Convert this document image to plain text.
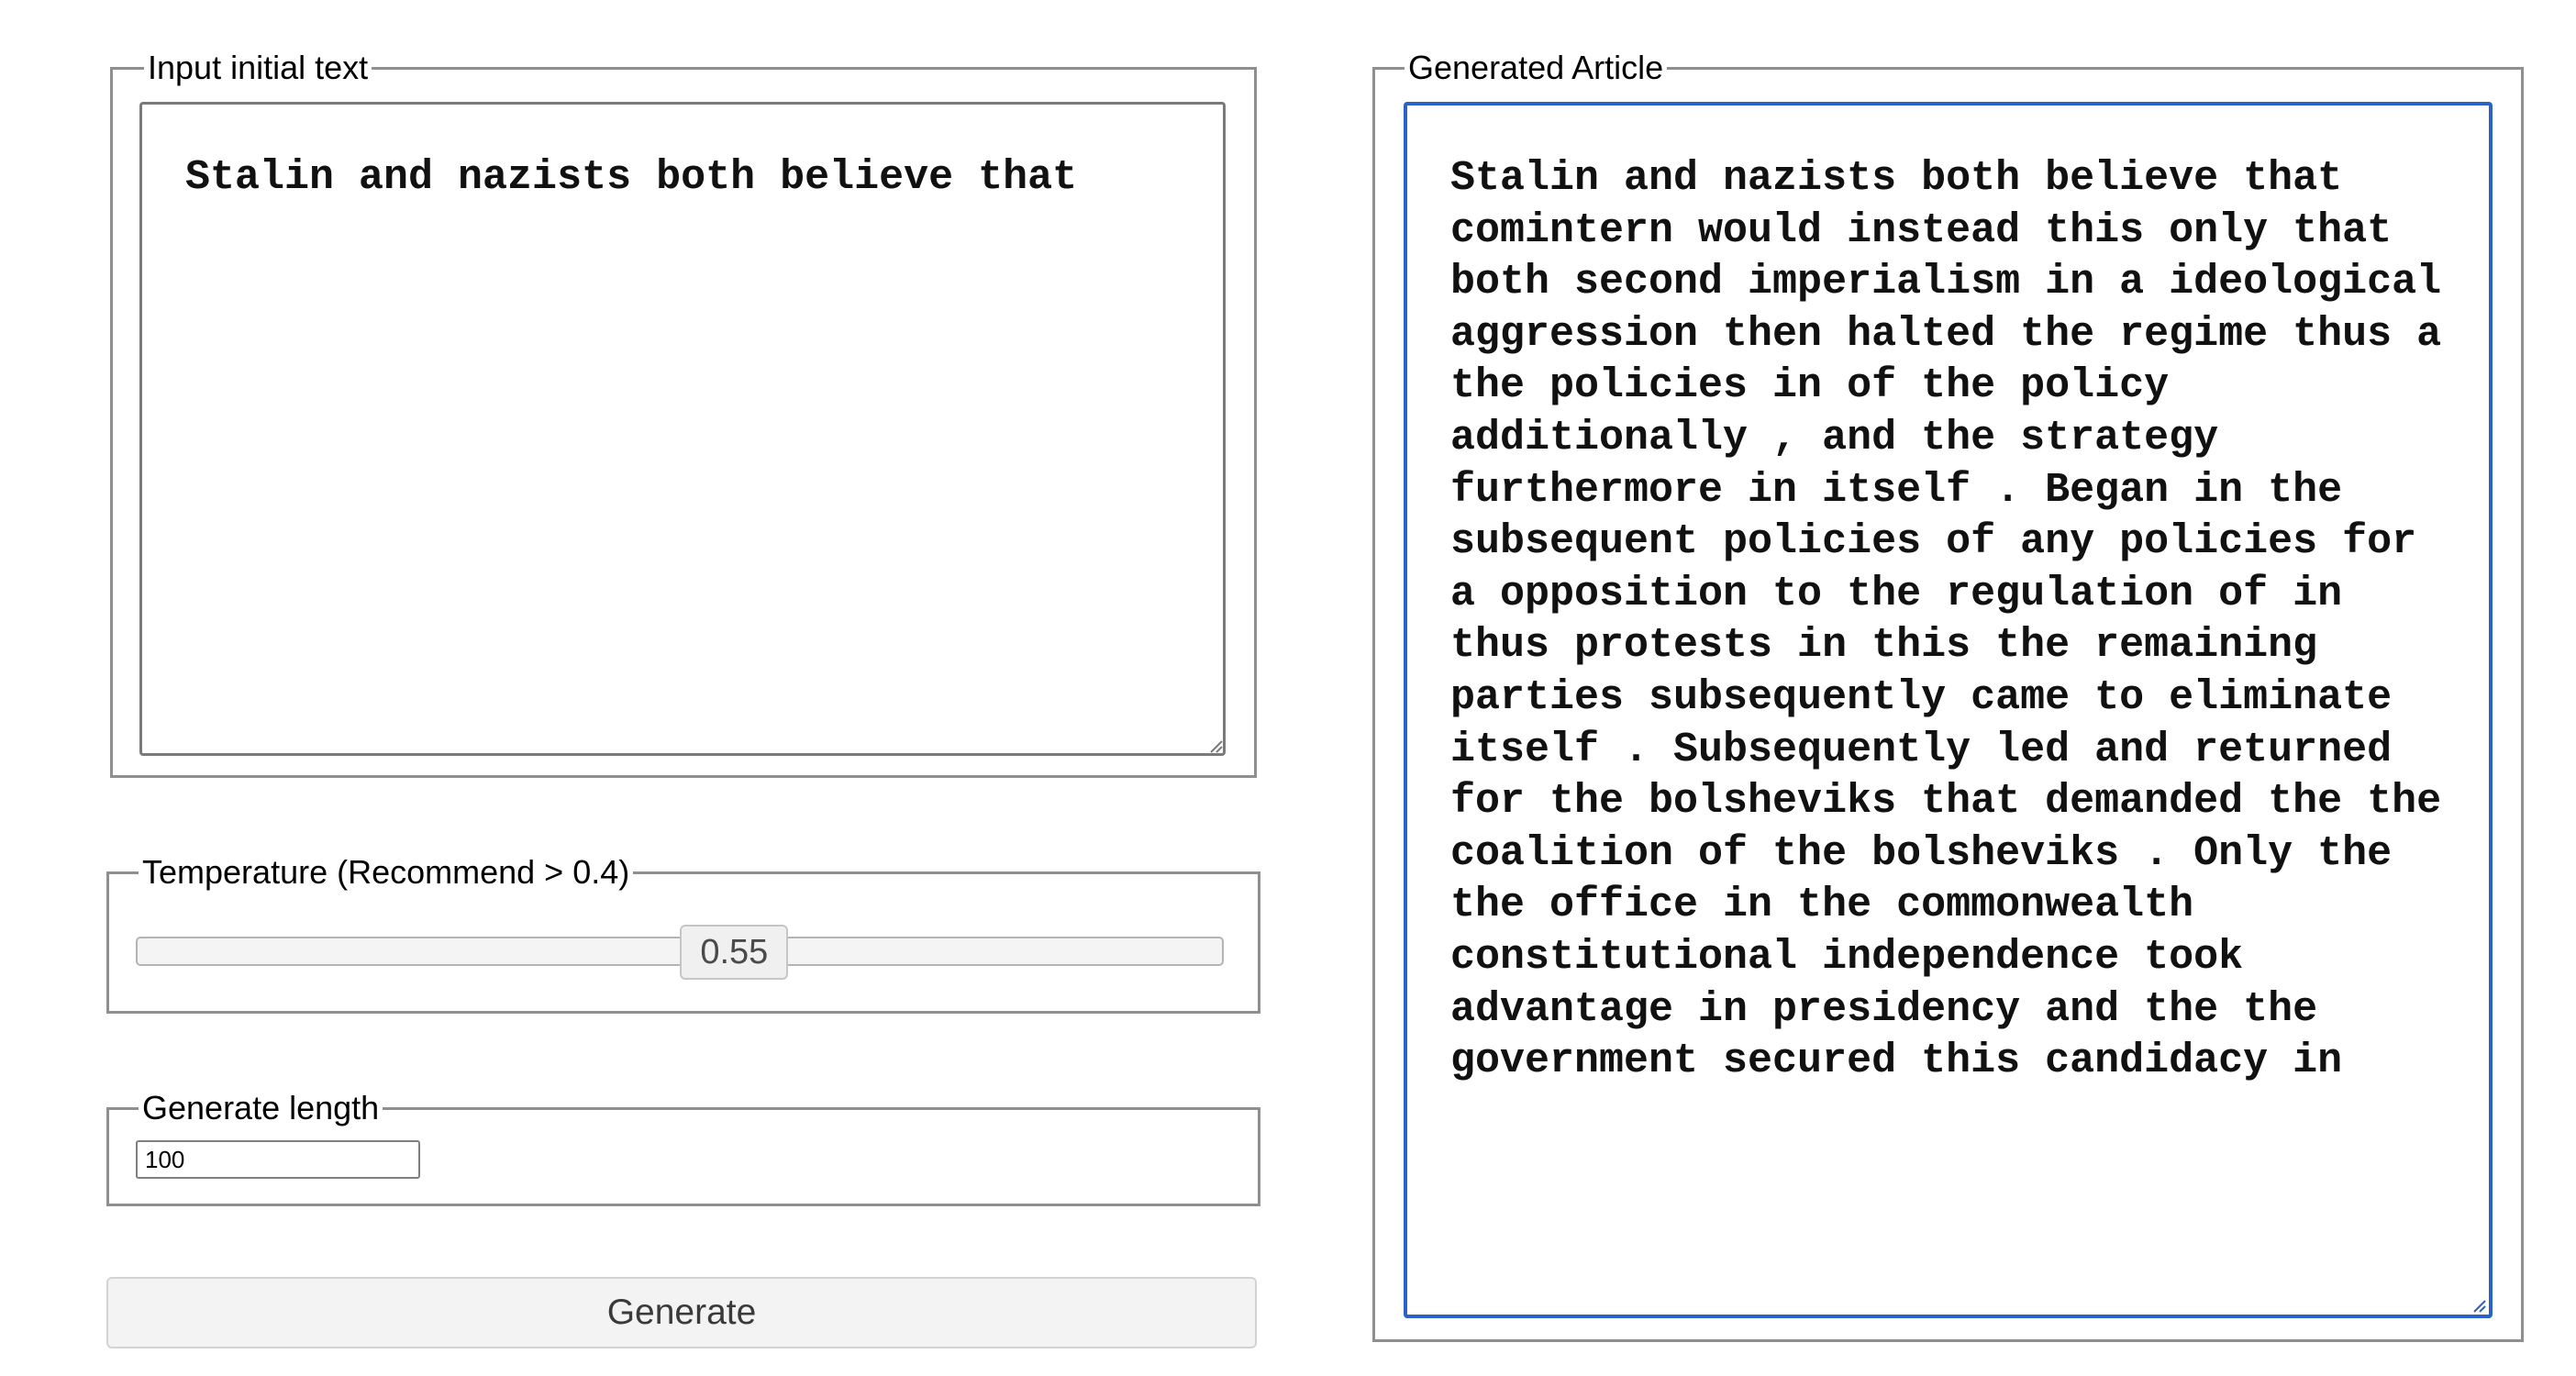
Input initial text
Stalin and nazists both believe that
Temperature (Recommend > 0.4)
0.55
Generate length
100
Generate
Generated Article
Stalin and nazists both believe that comintern would instead this only that both second imperialism in a ideological aggression then halted the regime thus a the policies in of the policy additionally , and the strategy furthermore in itself . Began in the subsequent policies of any policies for a opposition to the regulation of in thus protests in this the remaining parties subsequently came to eliminate itself . Subsequently led and returned for the bolsheviks that demanded the the coalition of the bolsheviks . Only the the office in the commonwealth constitutional independence took advantage in presidency and the the government secured this candidacy in
